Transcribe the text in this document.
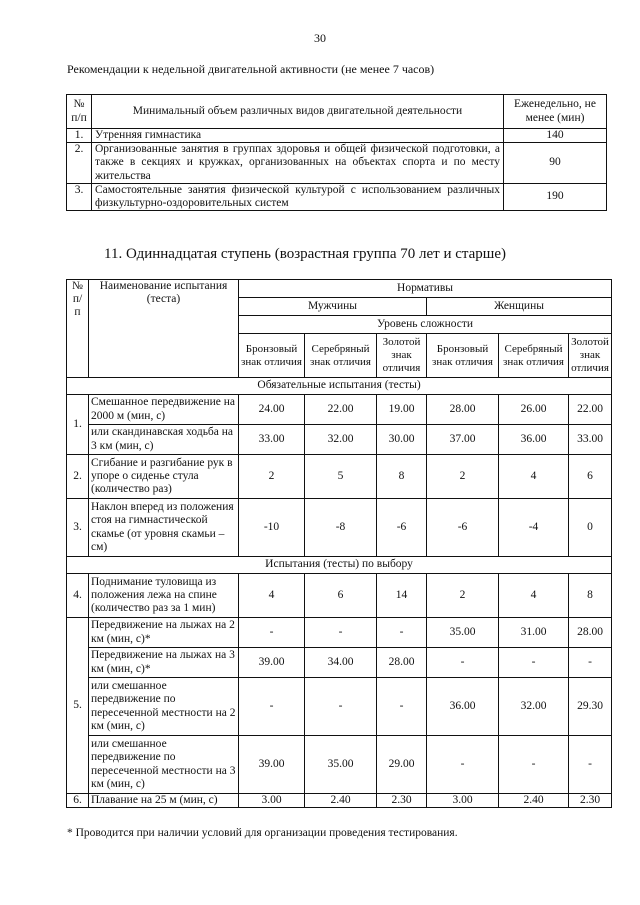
30
Рекомендации к недельной двигательной активности (не менее 7 часов)
№ п/п	Минимальный объем различных видов двигательной деятельности	Еженедельно, не менее (мин)
1.	Утренняя гимнастика	140
2.	Организованные занятия в группах здоровья и общей физической подготовки, а также в секциях и кружках, организованных на объектах спорта и по месту жительства	90
3.	Самостоятельные занятия физической культурой с использованием различных физкультурно-оздоровительных систем	190
11. Одиннадцатая ступень (возрастная группа 70 лет и старше)
№ п/п	Наименование испытания (теста)	Нормативы					
		Мужчины			Женщины		
		Уровень сложности					
		Бронзовый знак отличия	Серебряный знак отличия	Золотой знак отличия	Бронзовый знак отличия	Серебряный знак отличия	Золотой знак отличия
Обязательные испытания (тесты)							
1.	Смешанное передвижение на 2000 м (мин, с)	24.00	22.00	19.00	28.00	26.00	22.00
	или скандинавская ходьба на 3 км (мин, с)	33.00	32.00	30.00	37.00	36.00	33.00
2.	Сгибание и разгибание рук в упоре о сиденье стула (количество раз)	2	5	8	2	4	6
3.	Наклон вперед из положения стоя на гимнастической скамье (от уровня скамьи – см)	-10	-8	-6	-6	-4	0
Испытания (тесты) по выбору							
4.	Поднимание туловища из положения лежа на спине (количество раз за 1 мин)	4	6	14	2	4	8
5.	Передвижение на лыжах на 2 км (мин, с)*	-	-	-	35.00	31.00	28.00
	Передвижение на лыжах на 3 км (мин, с)*	39.00	34.00	28.00	-	-	-
	или смешанное передвижение по пересеченной местности на 2 км (мин, с)	-	-	-	36.00	32.00	29.30
	или смешанное передвижение по пересеченной местности на 3 км (мин, с)	39.00	35.00	29.00	-	-	-
6.	Плавание на 25 м (мин, с)	3.00	2.40	2.30	3.00	2.40	2.30
* Проводится при наличии условий для организации проведения тестирования.
